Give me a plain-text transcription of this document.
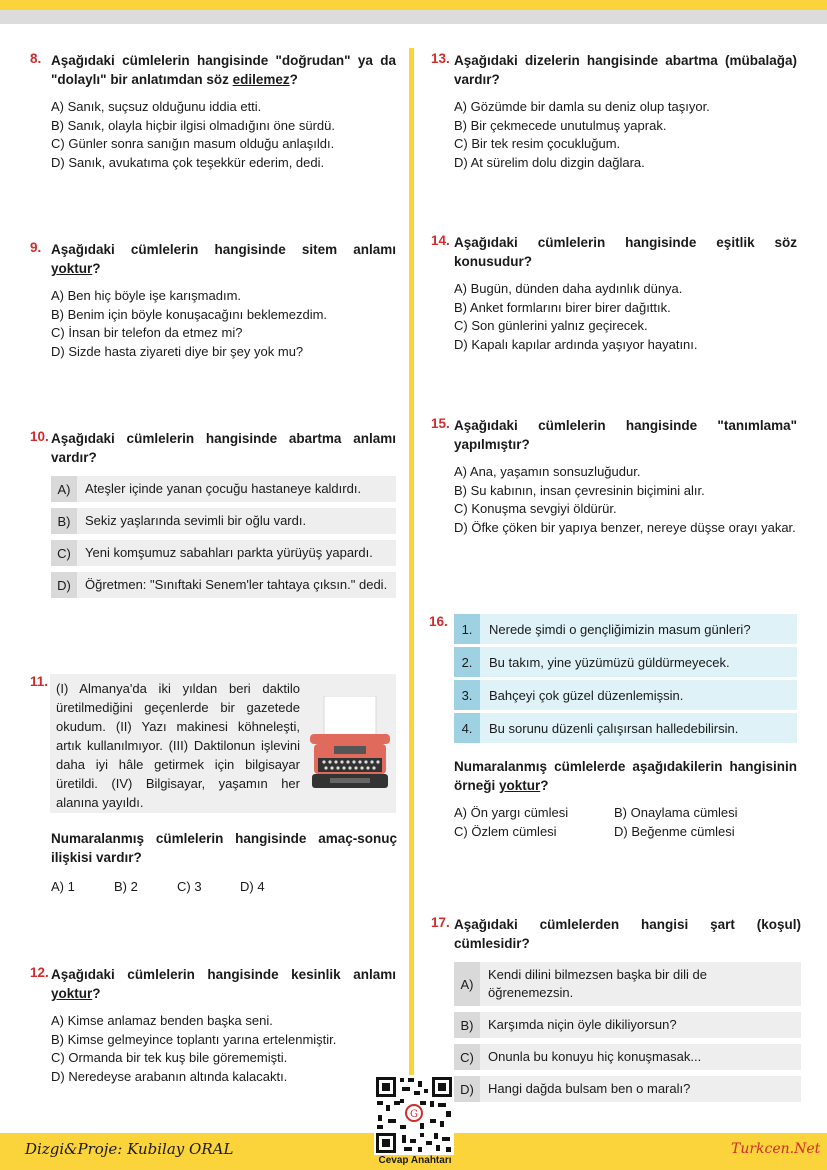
8. Aşağıdaki cümlelerin hangisinde "doğrudan" ya da "dolaylı" bir anlatımdan söz edilemez?
A) Sanık, suçsuz olduğunu iddia etti.
B) Sanık, olayla hiçbir ilgisi olmadığını öne sürdü.
C) Günler sonra sanığın masum olduğu anlaşıldı.
D) Sanık, avukatıma çok teşekkür ederim, dedi.
9. Aşağıdaki cümlelerin hangisinde sitem anlamı yoktur?
A) Ben hiç böyle işe karışmadım.
B) Benim için böyle konuşacağını beklemezdim.
C) İnsan bir telefon da etmez mi?
D) Sizde hasta ziyareti diye bir şey yok mu?
10. Aşağıdaki cümlelerin hangisinde abartma anlamı vardır?
A)	Ateşler içinde yanan çocuğu hastaneye kaldırdı.
B)	Sekiz yaşlarında sevimli bir oğlu vardı.
C)	Yeni komşumuz sabahları parkta yürüyüş yapardı.
D)	Öğretmen: "Sınıftaki Senem'ler tahtaya çıksın." dedi.
11. (I) Almanya'da iki yıldan beri daktilo üretilmediğini geçenlerde bir gazetede okudum. (II) Yazı makinesi köhneleşti, artık kullanılmıyor. (III) Daktilonun işlevini daha iyi hâle getirmek için bilgisayar üretildi. (IV) Bilgisayar, yaşamın her alanına yayıldı.
Numaralanmış cümlelerin hangisinde amaç-sonuç ilişkisi vardır?
A) 1	B) 2	C) 3	D) 4
12. Aşağıdaki cümlelerin hangisinde kesinlik anlamı yoktur?
A) Kimse anlamaz benden başka seni.
B) Kimse gelmeyince toplantı yarına ertelenmiştir.
C) Ormanda bir tek kuş bile görememişti.
D) Neredeyse arabanın altında kalacaktı.
13. Aşağıdaki dizelerin hangisinde abartma (mübalağa) vardır?
A) Gözümde bir damla su deniz olup taşıyor.
B) Bir çekmecede unutulmuş yaprak.
C) Bir tek resim çocukluğum.
D) At sürelim dolu dizgin dağlara.
14. Aşağıdaki cümlelerin hangisinde eşitlik söz konusudur?
A) Bugün, dünden daha aydınlık dünya.
B) Anket formlarını birer birer dağıttık.
C) Son günlerini yalnız geçirecek.
D) Kapalı kapılar ardında yaşıyor hayatını.
15. Aşağıdaki cümlelerin hangisinde "tanımlama" yapılmıştır?
A) Ana, yaşamın sonsuzluğudur.
B) Su kabının, insan çevresinin biçimini alır.
C) Konuşma sevgiyi öldürür.
D) Öfke çöken bir yapıya benzer, nereye düşse orayı yakar.
16.	1.	Nerede şimdi o gençliğimizin masum günleri?
2.	Bu takım, yine yüzümüzü güldürmeyecek.
3.	Bahçeyi çok güzel düzenlemişsin.
4.	Bu sorunu düzenli çalışırsan halledebilirsin.
Numaralanmış cümlelerde aşağıdakilerin hangisinin örneği yoktur?
A) Ön yargı cümlesi	B) Onaylama cümlesi
C) Özlem cümlesi	D) Beğenme cümlesi
17. Aşağıdaki cümlelerden hangisi şart (koşul) cümlesidir?
A)
Kendi dilini bilmezsen başka bir dili de öğrenemezsin.
B)	Karşımda niçin öyle dikiliyorsun?
C)	Onunla bu konuyu hiç konuşmasak...
D)	Hangi dağda bulsam ben o maralı?
Dizgi&Proje: Kubilay ORAL	Turkcen.Net
G
Cevap Anahtarı
